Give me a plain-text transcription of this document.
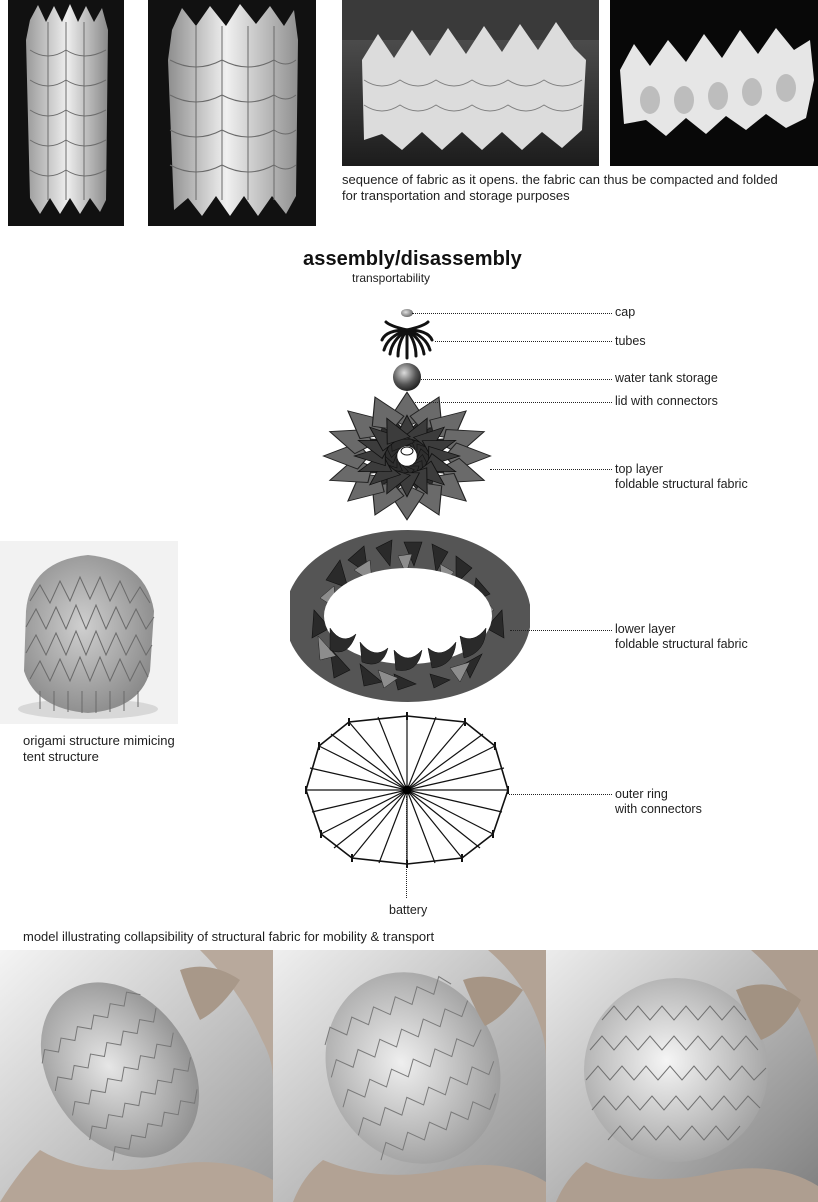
sequence of fabric as it opens. the fabric can thus be compacted and folded
for transportation and storage purposes
assembly/disassembly
transportability
cap
tubes
water tank storage
lid with connectors
top layer
foldable structural fabric
lower layer
foldable structural fabric
outer ring
with connectors
battery
origami structure mimicing
tent structure
model illustrating collapsibility of structural fabric for mobility & transport
